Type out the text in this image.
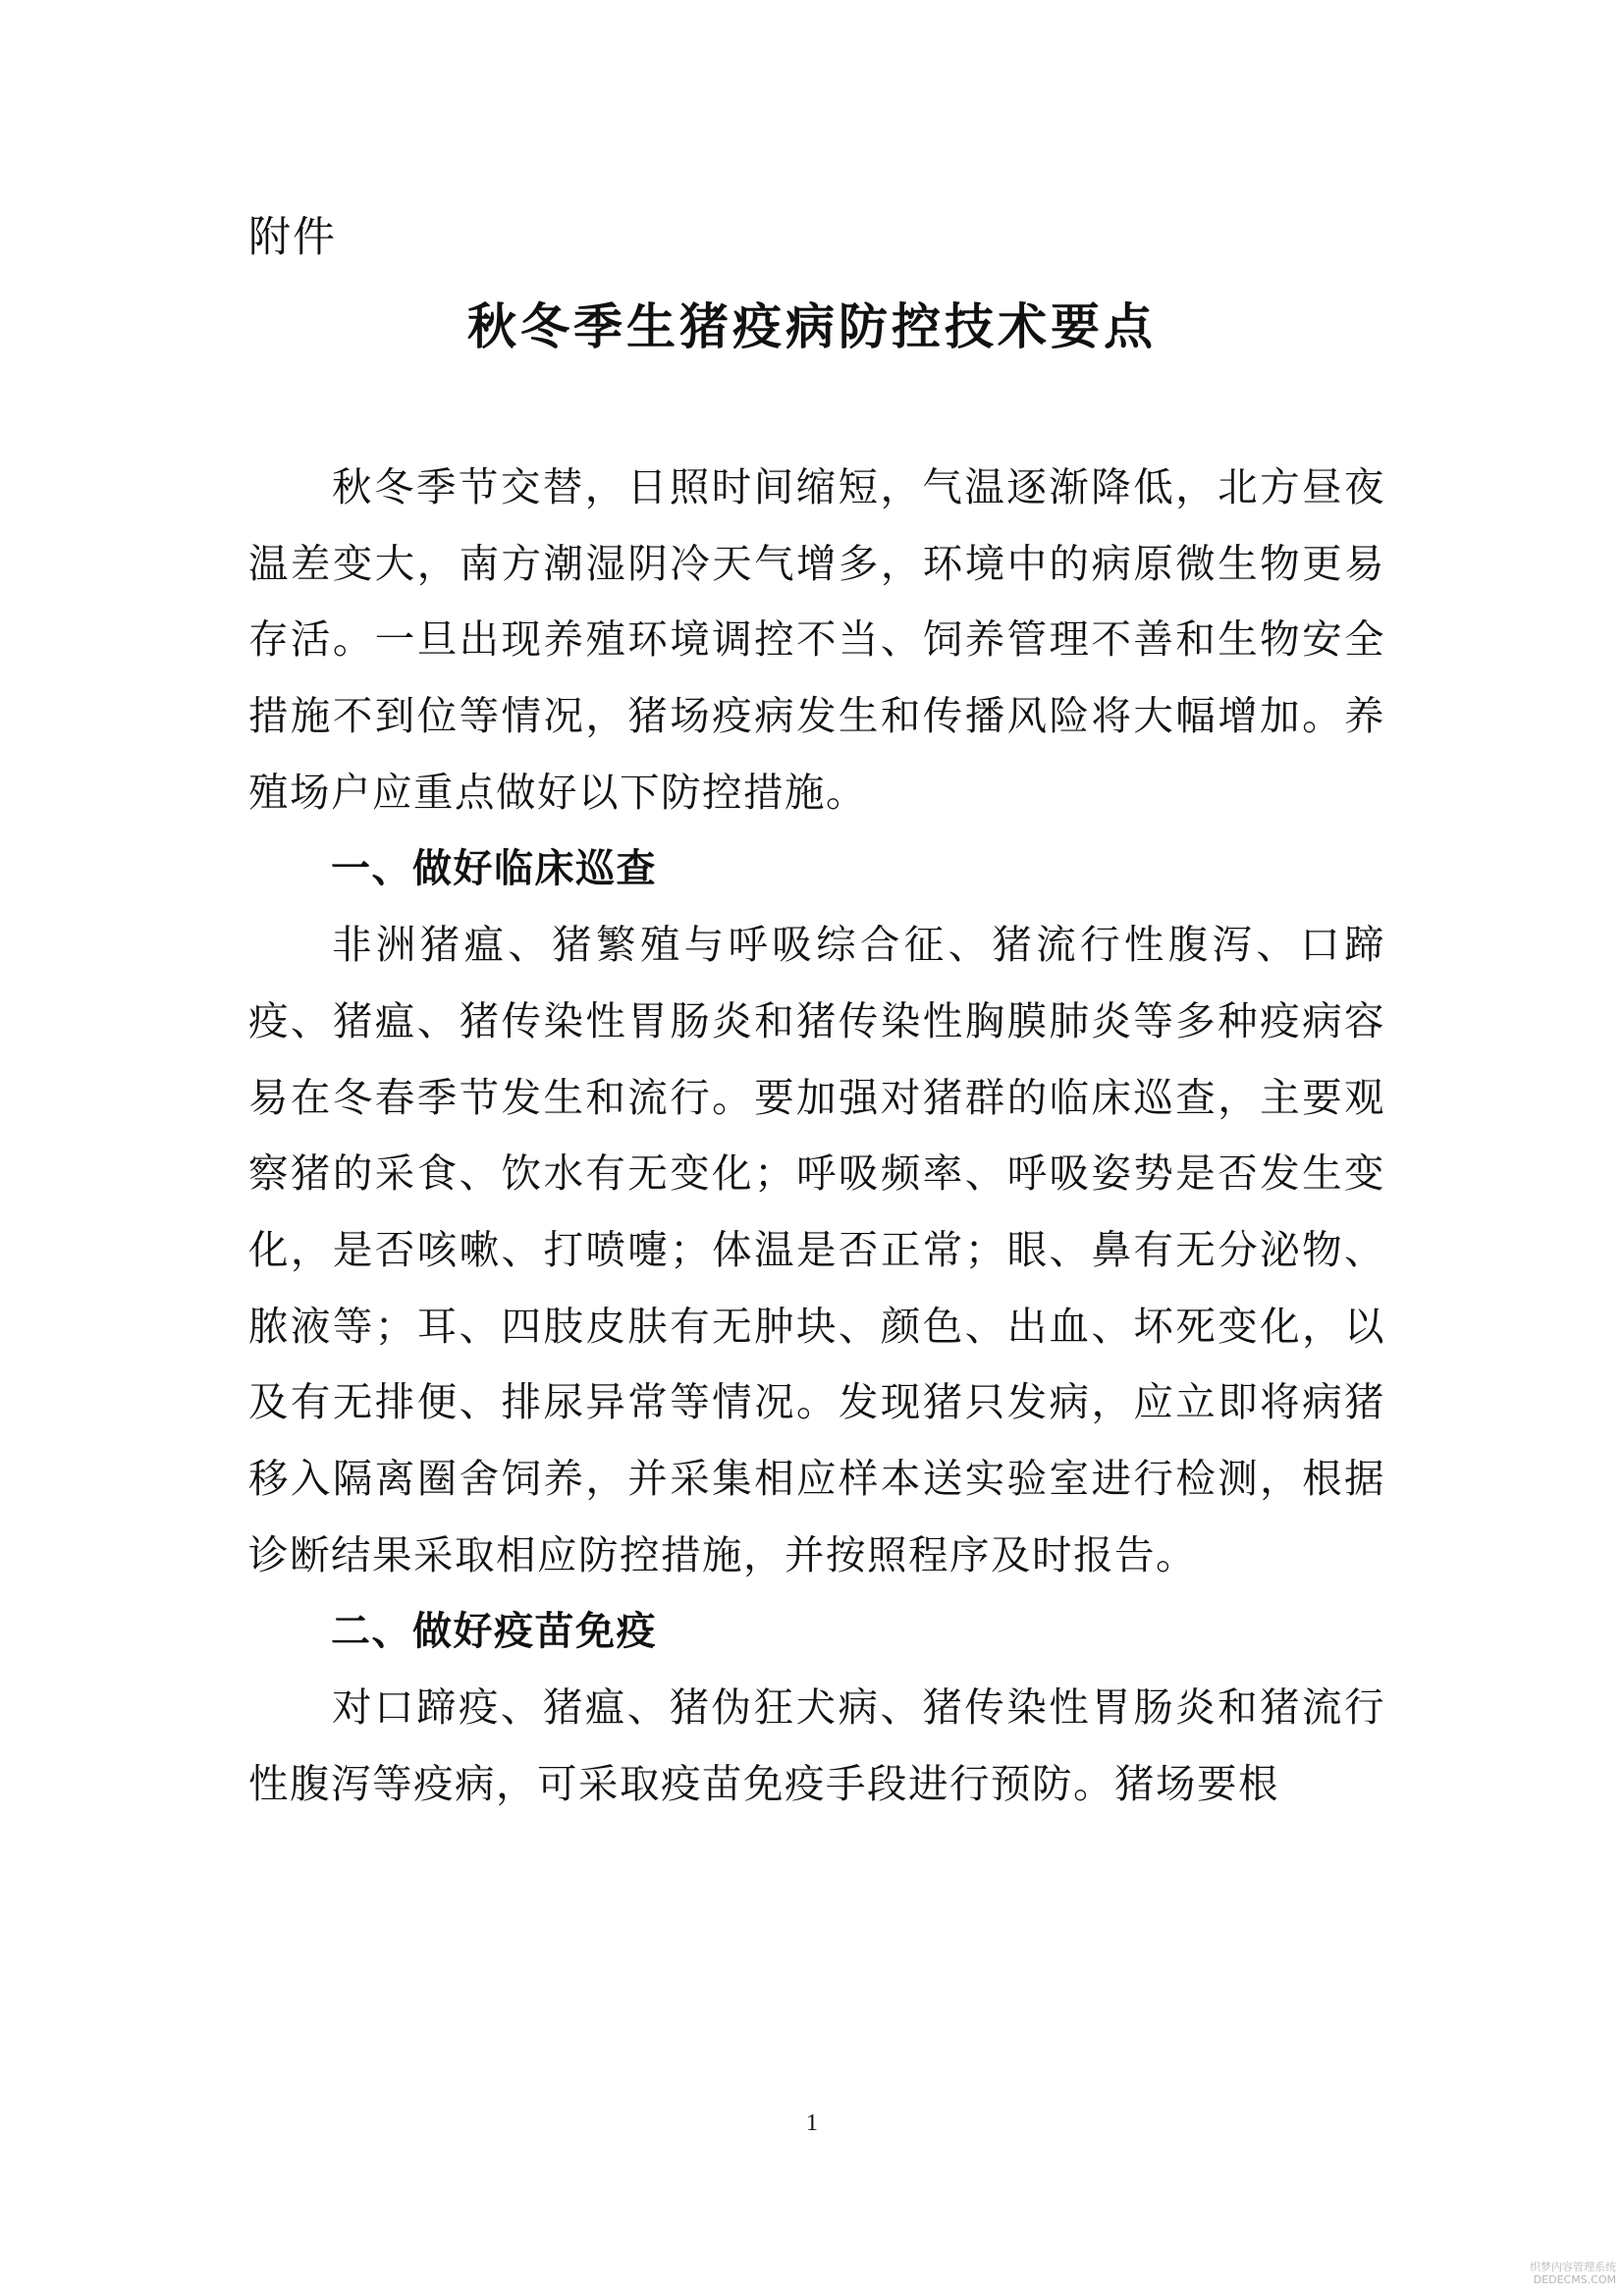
附件

秋冬季生猪疫病防控技术要点

秋冬季节交替，日照时间缩短，气温逐渐降低，北方昼夜温差变大，南方潮湿阴冷天气增多，环境中的病原微生物更易存活。一旦出现养殖环境调控不当、饲养管理不善和生物安全措施不到位等情况，猪场疫病发生和传播风险将大幅增加。养殖场户应重点做好以下防控措施。

一、做好临床巡查

非洲猪瘟、猪繁殖与呼吸综合征、猪流行性腹泻、口蹄疫、猪瘟、猪传染性胃肠炎和猪传染性胸膜肺炎等多种疫病容易在冬春季节发生和流行。要加强对猪群的临床巡查，主要观察猪的采食、饮水有无变化；呼吸频率、呼吸姿势是否发生变化，是否咳嗽、打喷嚏；体温是否正常；眼、鼻有无分泌物、脓液等；耳、四肢皮肤有无肿块、颜色、出血、坏死变化，以及有无排便、排尿异常等情况。发现猪只发病，应立即将病猪移入隔离圈舍饲养，并采集相应样本送实验室进行检测，根据诊断结果采取相应防控措施，并按照程序及时报告。

二、做好疫苗免疫

对口蹄疫、猪瘟、猪伪狂犬病、猪传染性胃肠炎和猪流行性腹泻等疫病，可采取疫苗免疫手段进行预防。猪场要根

1

织梦内容管理系统
DEDECMS.COM
